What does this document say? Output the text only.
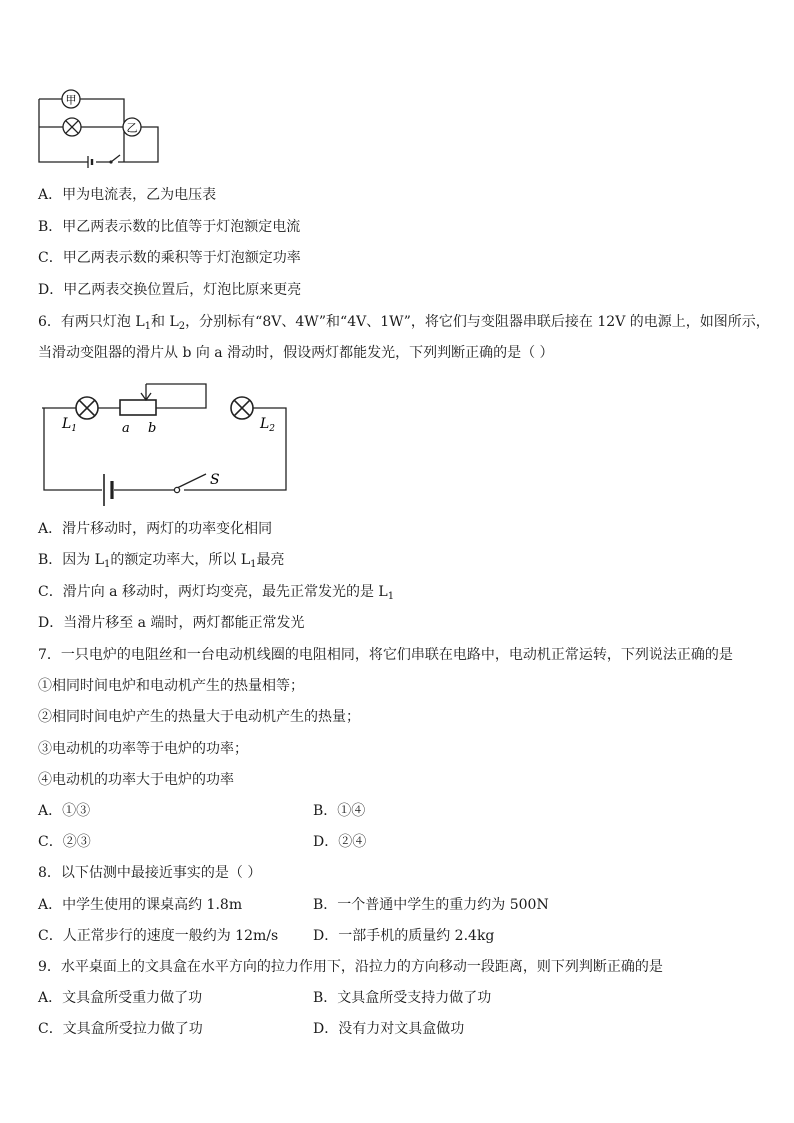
甲
乙
A．甲为电流表，乙为电压表
B．甲乙两表示数的比值等于灯泡额定电流
C．甲乙两表示数的乘积等于灯泡额定功率
D．甲乙两表交换位置后，灯泡比原来更亮
6．有两只灯泡 $L_1$和 $L_2$，分别标有“8V、4W”和“4V、1W”，将它们与变阻器串联后接在 12V 的电源上，如图所示，
当滑动变阻器的滑片从 b 向 a 滑动时，假设两灯都能发光，下列判断正确的是（ ）
$L_1$	a b	$L_2$
S
A．滑片移动时，两灯的功率变化相同
B．因为 $L_1$的额定功率大，所以 $L_1$最亮
C．滑片向 a 移动时，两灯均变亮，最先正常发光的是 $L_1$
D．当滑片移至 a 端时，两灯都能正常发光
7．一只电炉的电阻丝和一台电动机线圈的电阻相同，将它们串联在电路中，电动机正常运转，下列说法正确的是
①相同时间电炉和电动机产生的热量相等；
②相同时间电炉产生的热量大于电动机产生的热量；
③电动机的功率等于电炉的功率；
④电动机的功率大于电炉的功率
A．①③	B．①④
C．②③	D．②④
8．以下估测中最接近事实的是（ ）
A．中学生使用的课桌高约 1.8m	B．一个普通中学生的重力约为 500N
C．人正常步行的速度一般约为 12m/s D．一部手机的质量约 2.4kg
9．水平桌面上的文具盒在水平方向的拉力作用下，沿拉力的方向移动一段距离，则下列判断正确的是
A．文具盒所受重力做了功	B．文具盒所受支持力做了功
C．文具盒所受拉力做了功	D．没有力对文具盒做功
